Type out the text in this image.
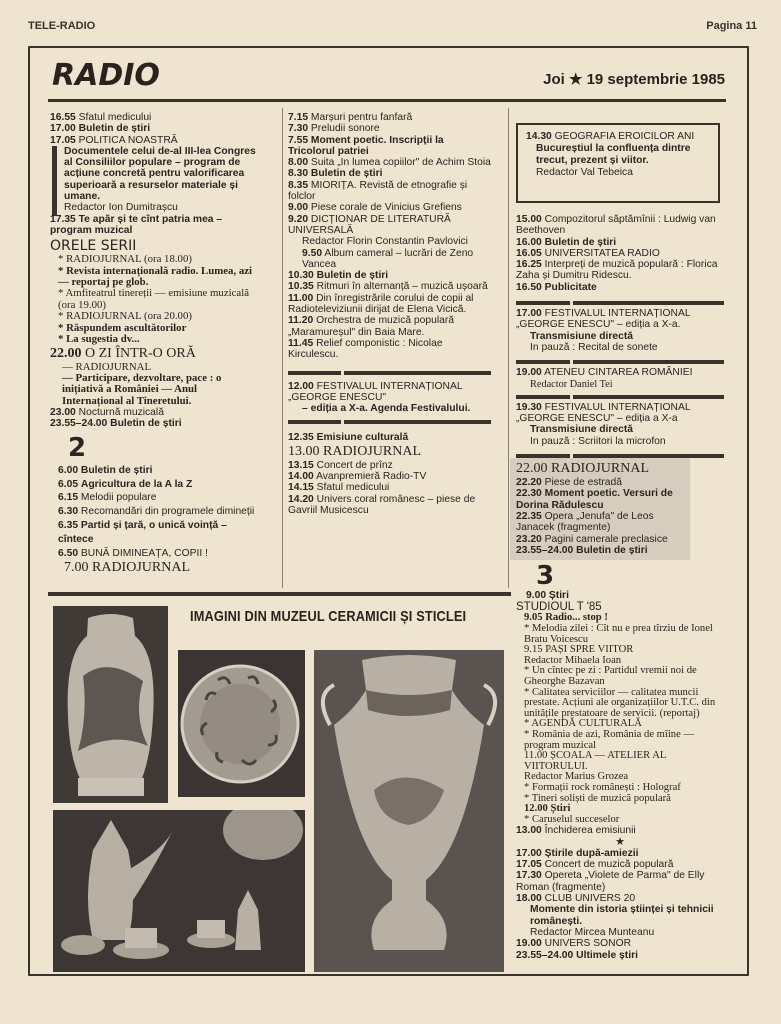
TELE-RADIO	Pagina 11
RADIO	Joi ★ 19 septembrie 1985
16.55 Sfatul medicului
17.00 Buletin de știri
17.05 POLITICA NOASTRĂ
Documentele celui de-al III-lea Congres al Consiliilor populare – program de acțiune concretă pentru valorificarea superioară a resurselor materiale și umane.
Redactor Ion Dumitrașcu
17.35 Te apăr și te cînt patria mea – program muzical
ORELE SERII
* RADIOJURNAL (ora 18.00)
* Revista internațională radio. Lumea, azi — reportaj pe glob.
* Amfiteatrul tinereții — emisiune muzicală (ora 19.00)
* RADIOJURNAL (ora 20.00)
* Răspundem ascultătorilor
* La sugestia dv...
22.00 O ZI ÎNTR-O ORĂ
— RADIOJURNAL
— Participare, dezvoltare, pace : o inițiativă a României — Anul Internațional al Tineretului.
23.00 Nocturnă muzicală
23.55–24.00 Buletin de știri
2
6.00 Buletin de știri
6.05 Agricultura de la A la Z
6.15 Melodii populare
6.30 Recomandări din programele dimineții
6.35 Partid și țară, o unică voință – cîntece
6.50 BUNĂ DIMINEAȚA, COPII !
7.00 RADIOJURNAL
7.15 Marșuri pentru fanfară
7.30 Preludii sonore
7.55 Moment poetic. Inscripții la Tricolorul patriei
8.00 Suita „In lumea copiilor" de Achim Stoia
8.30 Buletin de știri
8.35 MIORIȚA. Revistă de etnografie și folclor
9.00 Piese corale de Vinicius Grefiens
9.20 DICȚIONAR DE LITERATURĂ UNIVERSALĂ
Redactor Florin Constantin Pavlovici
9.50 Album cameral – lucrări de Zeno Vancea
10.30 Buletin de știri
10.35 Ritmuri în alternanță – muzică ușoară
11.00 Din înregistrările corului de copii al Radioteleviziunii dirijat de Elena Vicică.
11.20 Orchestra de muzică populară „Maramureșul" din Baia Mare.
11.45 Relief componistic : Nicolae Kirculescu.
12.00 FESTIVALUL INTERNAȚIONAL „GEORGE ENESCU"
– ediția a X-a. Agenda Festivalului.
12.35 Emisiune culturală
13.00 RADIOJURNAL
13.15 Concert de prînz
14.00 Avanpremieră Radio-TV
14.15 Sfatul medicului
14.20 Univers coral românesc – piese de Gavriil Musicescu
14.30 GEOGRAFIA EROICILOR ANI
Bucureștiul la confluența dintre trecut, prezent și viitor.
Redactor Val Tebeica
15.00 Compozitorul săptămînii : Ludwig van Beethoven
16.00 Buletin de știri
16.05 UNIVERSITATEA RADIO
16.25 Interpreți de muzică populară : Florica Zaha și Dumitru Ridescu.
16.50 Publicitate
17.00 FESTIVALUL INTERNAȚIONAL „GEORGE ENESCU" – ediția a X-a.
Transmisiune directă
In pauză : Recital de sonete
19.00 ATENEU CINTAREA ROMÂNIEI
Redactor Daniel Tei
19.30 FESTIVALUL INTERNAȚIONAL „GEORGE ENESCU" – ediția a X-a
Transmisiune directă
In pauză : Scriitori la microfon
22.00 RADIOJURNAL
22.20 Piese de estradă
22.30 Moment poetic. Versuri de Dorina Rădulescu
22.35 Opera „Jenufa" de Leos Janacek (fragmente)
23.20 Pagini camerale preclasice
23.55–24.00 Buletin de știri
3
9.00 Știri
STUDIOUL T '85
9.05 Radio... stop !
* Melodia zilei : Cît nu e prea tîrziu de Ionel Bratu Voicescu
9.15 PAȘI SPRE VIITOR
Redactor Mihaela Ioan
* Un cîntec pe zi : Partidul vremii noi de Gheorghe Bazavan
* Calitatea serviciilor — calitatea muncii prestate. Acțiuni ale organizațiilor U.T.C. din unitățile prestatoare de servicii. (reportaj)
* AGENDĂ CULTURALĂ
* România de azi, România de mîine — program muzical
11.00 ȘCOALA — ATELIER AL VIITORULUI.
Redactor Marius Grozea
* Formații rock românești : Holograf
* Tineri soliști de muzică populară
12.00 Știri
* Caruselul succeselor
13.00 Închiderea emisiunii
★
17.00 Știrile după-amiezii
17.05 Concert de muzică populară
17.30 Opereta „Violete de Parma" de Elly Roman (fragmente)
18.00 CLUB UNIVERS 20
Momente din istoria științei și tehnicii românești.
Redactor Mircea Munteanu
19.00 UNIVERS SONOR
23.55–24.00 Ultimele știri
IMAGINI DIN MUZEUL CERAMICII ȘI STICLEI
